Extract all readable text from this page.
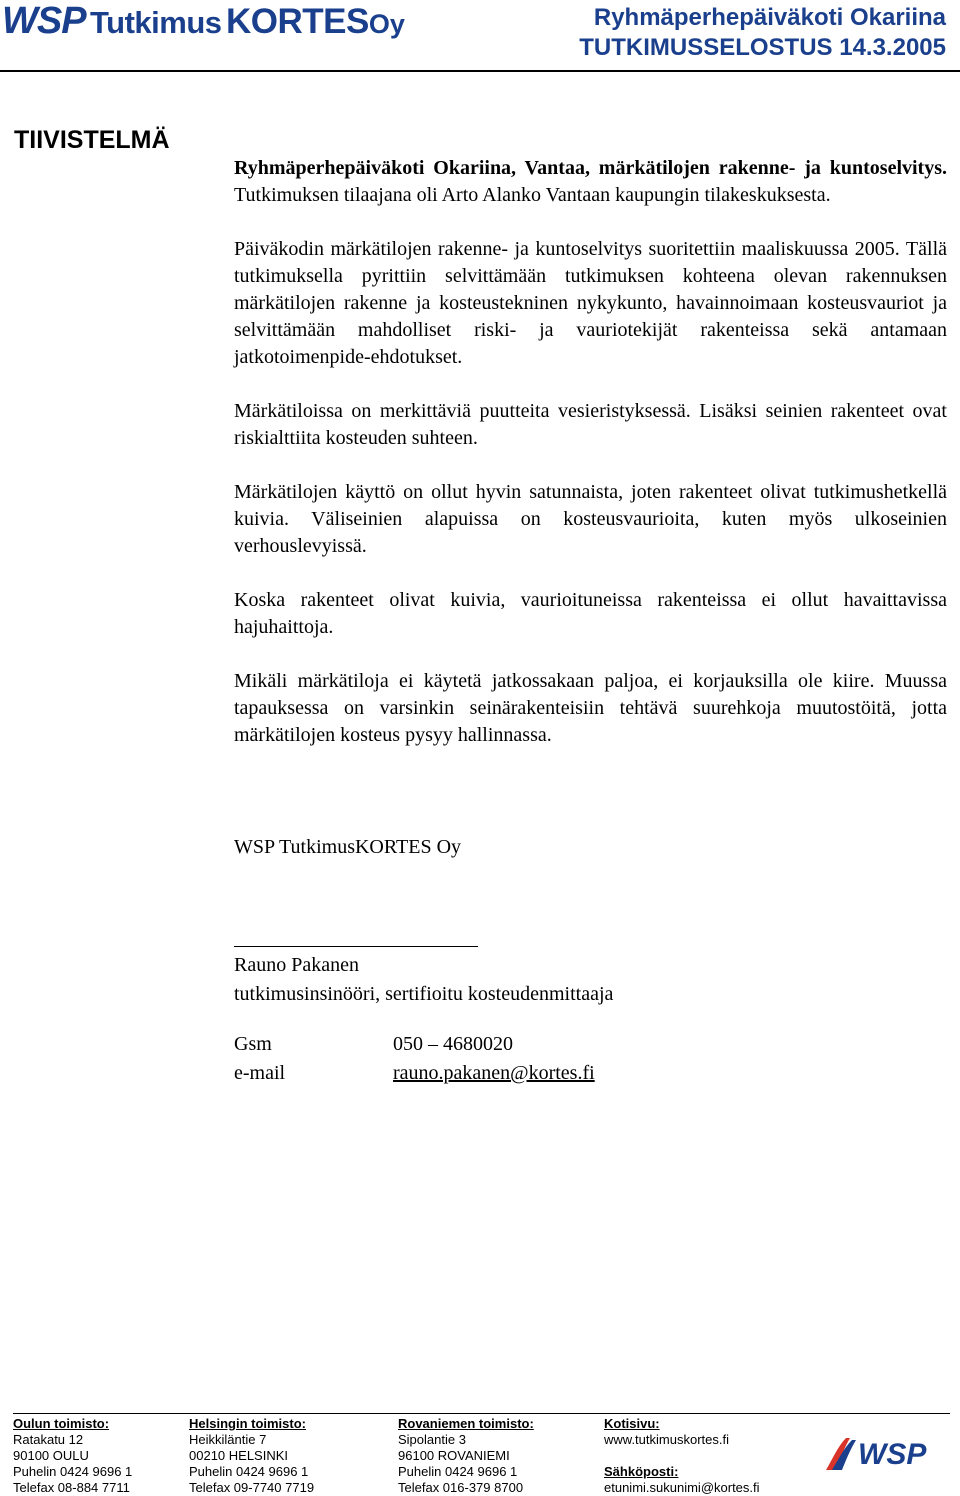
WSP Tutkimus KORTESOy	Ryhmäperhepäiväkoti Okariina
TUTKIMUSSELOSTUS 14.3.2005
TIIVISTELMÄ

Ryhmäperhepäiväkoti Okariina, Vantaa, märkätilojen rakenne- ja kuntoselvitys. Tutkimuksen tilaajana oli Arto Alanko Vantaan kaupungin tilakeskuksesta.

Päiväkodin märkätilojen rakenne- ja kuntoselvitys suoritettiin maaliskuussa 2005. Tällä tutkimuksella pyrittiin selvittämään tutkimuksen kohteena olevan rakennuksen märkätilojen rakenne ja kosteustekninen nykykunto, havainnoimaan kosteusvauriot ja selvittämään mahdolliset riski- ja vauriotekijät rakenteissa sekä antamaan jatkotoimenpide-ehdotukset.

Märkätiloissa on merkittäviä puutteita vesieristyksessä. Lisäksi seinien rakenteet ovat riskialttiita kosteuden suhteen.

Märkätilojen käyttö on ollut hyvin satunnaista, joten rakenteet olivat tutkimushetkellä kuivia. Väliseinien alapuissa on kosteusvaurioita, kuten myös ulkoseinien verhouslevyissä.

Koska rakenteet olivat kuivia, vaurioituneissa rakenteissa ei ollut havaittavissa hajuhaittoja.

Mikäli märkätiloja ei käytetä jatkossakaan paljoa, ei korjauksilla ole kiire. Muussa tapauksessa on varsinkin seinärakenteisiin tehtävä suurehkoja muutostöitä, jotta märkätilojen kosteus pysyy hallinnassa.

WSP TutkimusKORTES Oy
Rauno Pakanen
tutkimusinsinööri, sertifioitu kosteudenmittaaja
Gsm	050 – 4680020
e-mail	rauno.pakanen@kortes.fi
Oulun toimisto:
Ratakatu 12
90100 OULU
Puhelin 0424 9696 1
Telefax 08-884 7711
Helsingin toimisto:
Heikkiläntie 7
00210 HELSINKI
Puhelin 0424 9696 1
Telefax 09-7740 7719
Rovaniemen toimisto:
Sipolantie 3
96100 ROVANIEMI
Puhelin 0424 9696 1
Telefax 016-379 8700
Kotisivu:
www.tutkimuskortes.fi

Sähköposti:
etunimi.sukunimi@kortes.fi
WSP
